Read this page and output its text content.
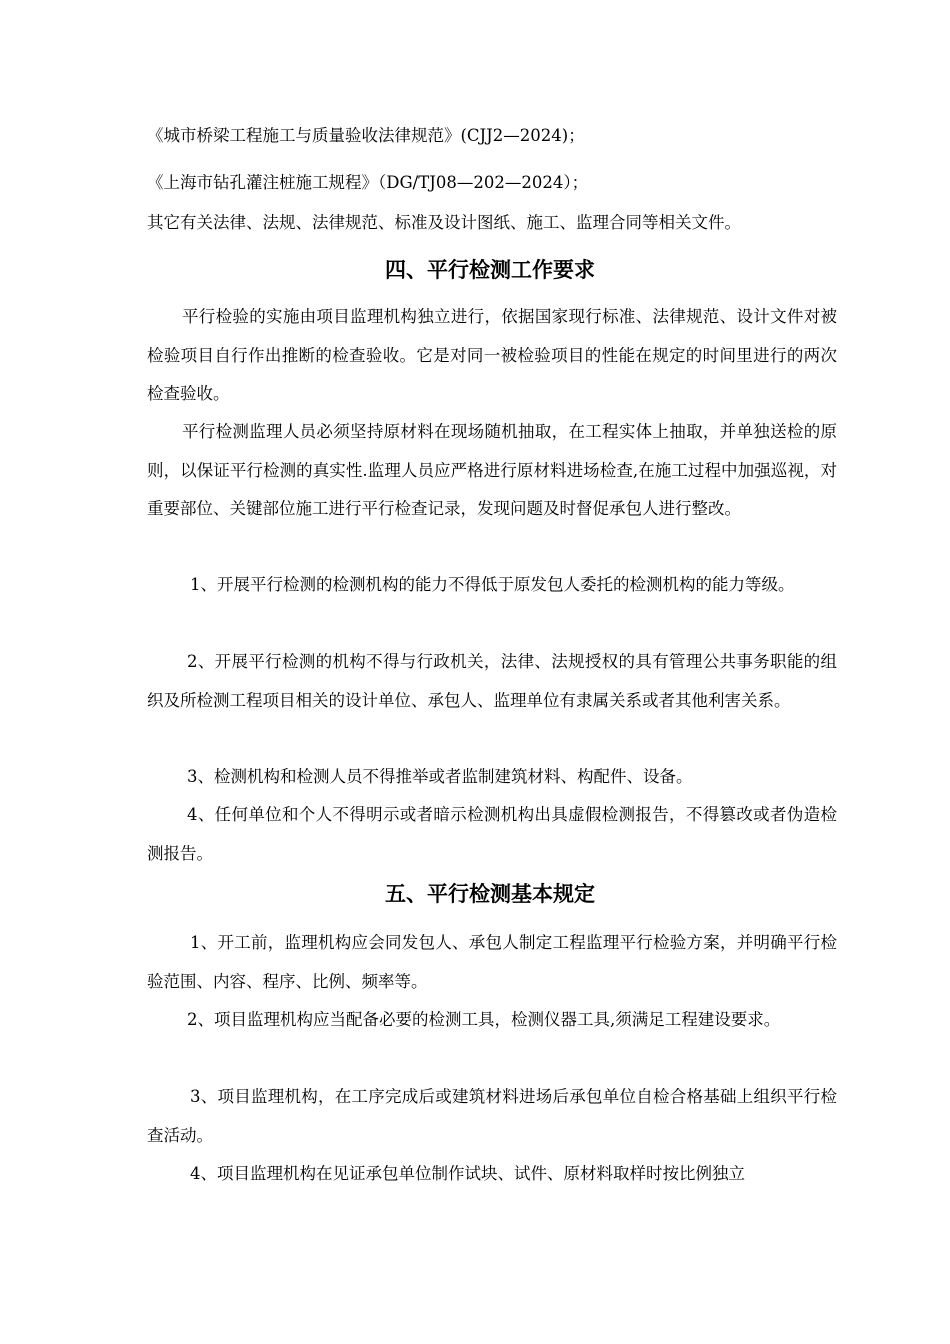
《城市桥梁工程施工与质量验收法律规范》(CJJ2—2024)；
《上海市钻孔灌注桩施工规程》（DG/TJ08—202—2024）；
其它有关法律、法规、法律规范、标准及设计图纸、施工、监理合同等相关文件。
四、平行检测工作要求
平行检验的实施由项目监理机构独立进行，依据国家现行标准、法律规范、设计文件对被检验项目自行作出推断的检查验收。它是对同一被检验项目的性能在规定的时间里进行的两次检查验收。
平行检测监理人员必须坚持原材料在现场随机抽取，在工程实体上抽取，并单独送检的原则，以保证平行检测的真实性.监理人员应严格进行原材料进场检查,在施工过程中加强巡视，对重要部位、关键部位施工进行平行检查记录，发现问题及时督促承包人进行整改。
1、开展平行检测的检测机构的能力不得低于原发包人委托的检测机构的能力等级。
2、开展平行检测的机构不得与行政机关，法律、法规授权的具有管理公共事务职能的组织及所检测工程项目相关的设计单位、承包人、监理单位有隶属关系或者其他利害关系。
3、检测机构和检测人员不得推举或者监制建筑材料、构配件、设备。
4、任何单位和个人不得明示或者暗示检测机构出具虚假检测报告，不得篡改或者伪造检测报告。
五、平行检测基本规定
1、开工前，监理机构应会同发包人、承包人制定工程监理平行检验方案，并明确平行检验范围、内容、程序、比例、频率等。
2、项目监理机构应当配备必要的检测工具，检测仪器工具,须满足工程建设要求。
3、项目监理机构，在工序完成后或建筑材料进场后承包单位自检合格基础上组织平行检查活动。
4、项目监理机构在见证承包单位制作试块、试件、原材料取样时按比例独立
